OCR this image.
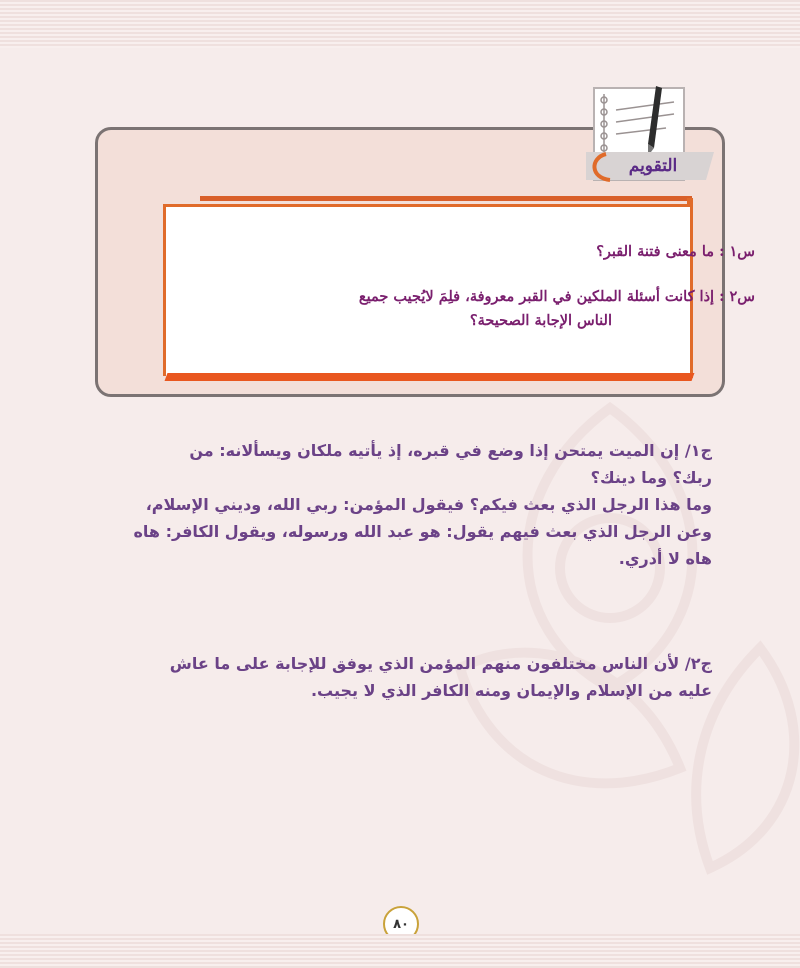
التقويم
س١ : ما معنى فتنة القبر؟
س٢ : إذا كانت أسئلة الملكين في القبر معروفة، فلِمَ لايُجيب جميع
الناس الإجابة الصحيحة؟
ج١/ إن الميت يمتحن إذا وضع في قبره، إذ يأتيه ملكان ويسألانه: من
ربك؟ وما دينك؟
وما هذا الرجل الذي بعث فيكم؟ فيقول المؤمن: ربي الله، وديني الإسلام،
وعن الرجل الذي بعث فيهم يقول: هو عبد الله ورسوله، ويقول الكافر: هاه
هاه لا أدري.
ج٢/ لأن الناس مختلفون منهم المؤمن الذي يوفق للإجابة على ما عاش
عليه من الإسلام والإيمان ومنه الكافر الذي لا يجيب.
٨٠
